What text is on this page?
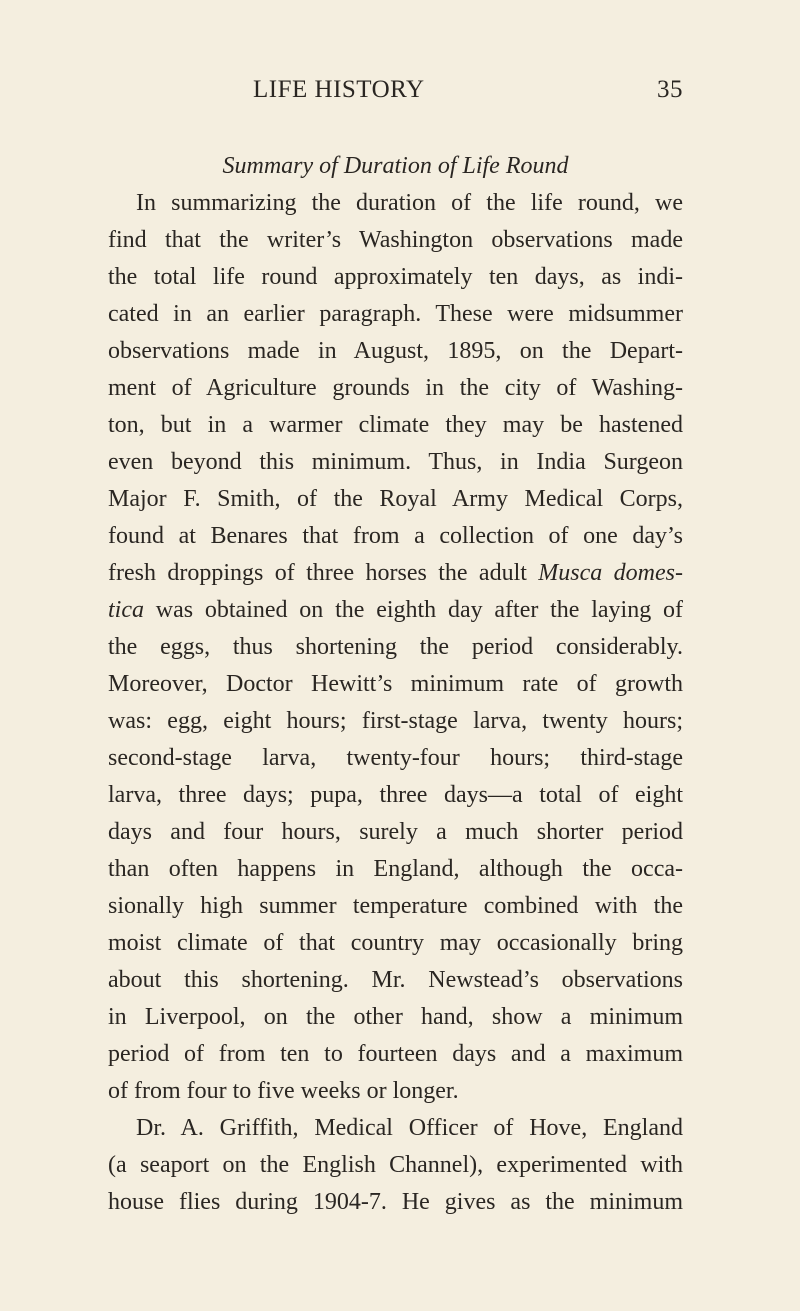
LIFE HISTORY	35
Summary of Duration of Life Round
In summarizing the duration of the life round, we
find that the writer’s Washington observations made
the total life round approximately ten days, as indi-
cated in an earlier paragraph. These were midsummer
observations made in August, 1895, on the Depart-
ment of Agriculture grounds in the city of Washing-
ton, but in a warmer climate they may be hastened
even beyond this minimum. Thus, in India Surgeon
Major F. Smith, of the Royal Army Medical Corps,
found at Benares that from a collection of one day’s
fresh droppings of three horses the adult Musca domes-
tica was obtained on the eighth day after the laying of
the eggs, thus shortening the period considerably.
Moreover, Doctor Hewitt’s minimum rate of growth
was: egg, eight hours; first-stage larva, twenty hours;
second-stage larva, twenty-four hours; third-stage
larva, three days; pupa, three days—a total of eight
days and four hours, surely a much shorter period
than often happens in England, although the occa-
sionally high summer temperature combined with the
moist climate of that country may occasionally bring
about this shortening. Mr. Newstead’s observations
in Liverpool, on the other hand, show a minimum
period of from ten to fourteen days and a maximum
of from four to five weeks or longer.
Dr. A. Griffith, Medical Officer of Hove, England
(a seaport on the English Channel), experimented with
house flies during 1904-7. He gives as the minimum
